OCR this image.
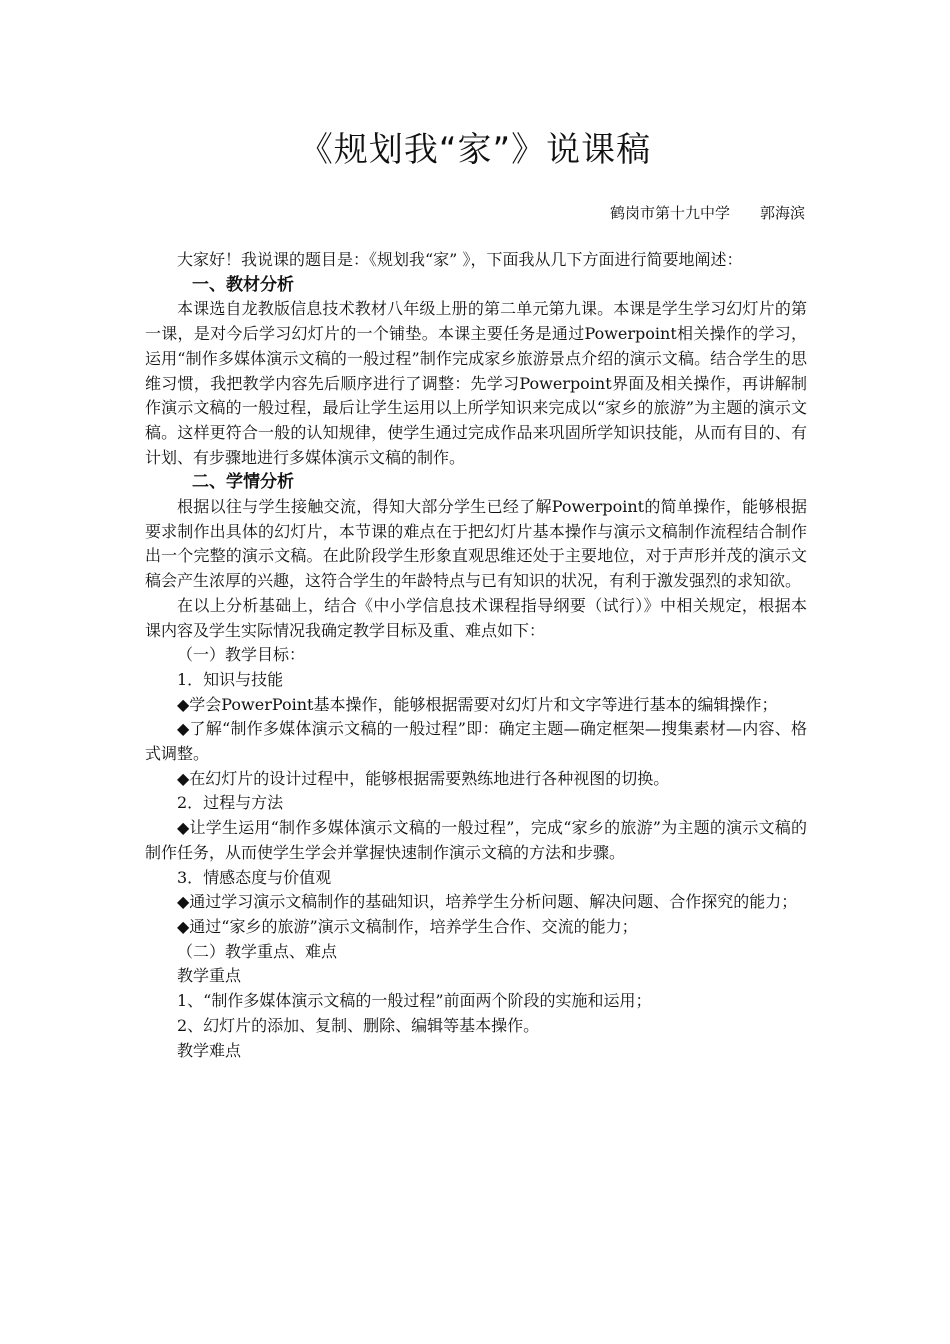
《规划我“家”》说课稿
鹤岗市第十九中学　　郭海滨

大家好！我说课的题目是：《规划我“家” 》，下面我从几下方面进行简要地阐述：

一、教材分析

本课选自龙教版信息技术教材八年级上册的第二单元第九课。本课是学生学习幻灯片的第一课，是对今后学习幻灯片的一个铺垫。本课主要任务是通过Powerpoint相关操作的学习，运用“制作多媒体演示文稿的一般过程”制作完成家乡旅游景点介绍的演示文稿。结合学生的思维习惯，我把教学内容先后顺序进行了调整：先学习Powerpoint界面及相关操作，再讲解制作演示文稿的一般过程，最后让学生运用以上所学知识来完成以“家乡的旅游”为主题的演示文稿。这样更符合一般的认知规律，使学生通过完成作品来巩固所学知识技能，从而有目的、有计划、有步骤地进行多媒体演示文稿的制作。

二、学情分析

根据以往与学生接触交流，得知大部分学生已经了解Powerpoint的简单操作，能够根据要求制作出具体的幻灯片，本节课的难点在于把幻灯片基本操作与演示文稿制作流程结合制作出一个完整的演示文稿。在此阶段学生形象直观思维还处于主要地位，对于声形并茂的演示文稿会产生浓厚的兴趣，这符合学生的年龄特点与已有知识的状况，有利于激发强烈的求知欲。

在以上分析基础上，结合《中小学信息技术课程指导纲要（试行）》中相关规定，根据本课内容及学生实际情况我确定教学目标及重、难点如下：

（一）教学目标：

1．知识与技能

◆学会PowerPoint基本操作，能够根据需要对幻灯片和文字等进行基本的编辑操作；

◆了解“制作多媒体演示文稿的一般过程”即：确定主题—确定框架—搜集素材—内容、格式调整。

◆在幻灯片的设计过程中，能够根据需要熟练地进行各种视图的切换。

2．过程与方法

◆让学生运用“制作多媒体演示文稿的一般过程”，完成“家乡的旅游”为主题的演示文稿的制作任务，从而使学生学会并掌握快速制作演示文稿的方法和步骤。

3．情感态度与价值观

◆通过学习演示文稿制作的基础知识，培养学生分析问题、解决问题、合作探究的能力；

◆通过“家乡的旅游”演示文稿制作，培养学生合作、交流的能力；

（二）教学重点、难点

教学重点

1、“制作多媒体演示文稿的一般过程”前面两个阶段的实施和运用；

2、幻灯片的添加、复制、删除、编辑等基本操作。

教学难点
